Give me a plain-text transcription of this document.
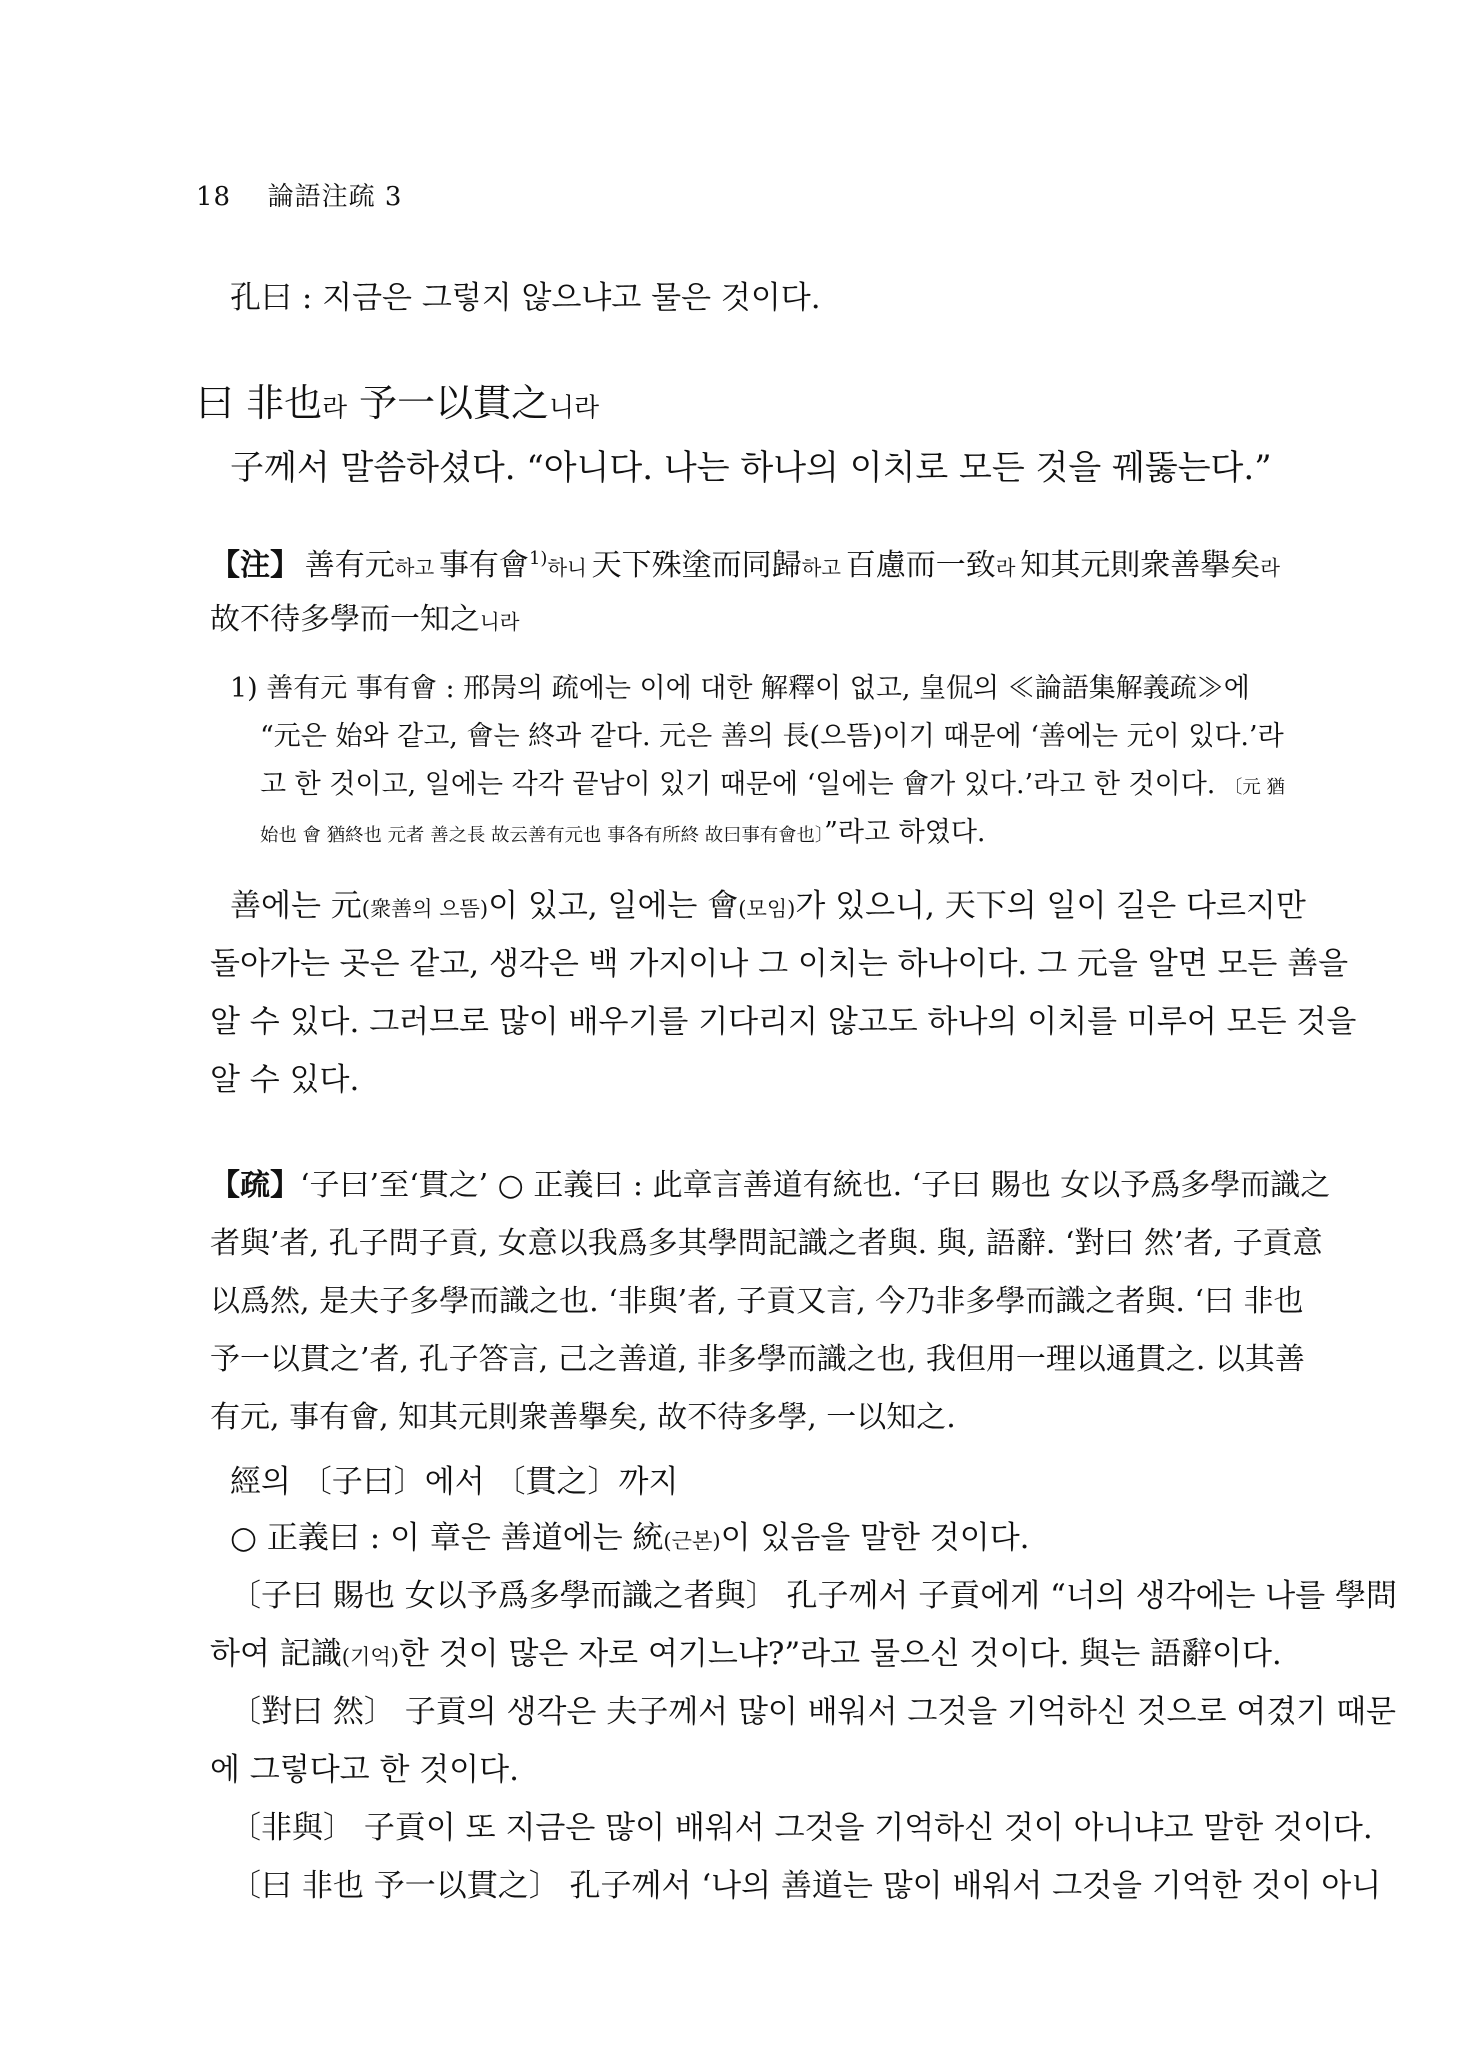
18 論語注疏 3
孔曰 : 지금은 그렇지 않으냐고 물은 것이다.
曰 非也라 予一以貫之니라
子께서 말씀하셨다. “아니다. 나는 하나의 이치로 모든 것을 꿰뚫는다.”
【注】 善有元하고 事有會$^{1)}$하니 天下殊塗而同歸하고 百慮而一致라 知其元則衆善擧矣라
故不待多學而一知之니라
1) 善有元 事有會 : 邢昺의 疏에는 이에 대한 解釋이 없고, 皇侃의 ≪論語集解義疏≫에
“元은 始와 같고, 會는 終과 같다. 元은 善의 長(으뜸)이기 때문에 ‘善에는 元이 있다.’라
고 한 것이고, 일에는 각각 끝남이 있기 때문에 ‘일에는 會가 있다.’라고 한 것이다. 〔元 猶
始也 會 猶終也 元者 善之長 故云善有元也 事各有所終 故曰事有會也〕”라고 하였다.
善에는 元(衆善의 으뜸)이 있고, 일에는 會(모임)가 있으니, 天下의 일이 길은 다르지만
돌아가는 곳은 같고, 생각은 백 가지이나 그 이치는 하나이다. 그 元을 알면 모든 善을
알 수 있다. 그러므로 많이 배우기를 기다리지 않고도 하나의 이치를 미루어 모든 것을
알 수 있다.
【疏】‘子曰’至‘貫之’ ○ 正義曰 : 此章言善道有統也. ‘子曰 賜也 女以予爲多學而識之
者與’者, 孔子問子貢, 女意以我爲多其學問記識之者與. 與, 語辭. ‘對曰 然’者, 子貢意
以爲然, 是夫子多學而識之也. ‘非與’者, 子貢又言, 今乃非多學而識之者與. ‘曰 非也
予一以貫之’者, 孔子答言, 己之善道, 非多學而識之也, 我但用一理以通貫之. 以其善
有元, 事有會, 知其元則衆善擧矣, 故不待多學, 一以知之.
經의 〔子曰〕에서 〔貫之〕까지
○ 正義曰 : 이 章은 善道에는 統(근본)이 있음을 말한 것이다.
〔子曰 賜也 女以予爲多學而識之者與〕 孔子께서 子貢에게 “너의 생각에는 나를 學問
하여 記識(기억)한 것이 많은 자로 여기느냐?”라고 물으신 것이다. 與는 語辭이다.
〔對曰 然〕 子貢의 생각은 夫子께서 많이 배워서 그것을 기억하신 것으로 여겼기 때문
에 그렇다고 한 것이다.
〔非與〕 子貢이 또 지금은 많이 배워서 그것을 기억하신 것이 아니냐고 말한 것이다.
〔曰 非也 予一以貫之〕 孔子께서 ‘나의 善道는 많이 배워서 그것을 기억한 것이 아니
